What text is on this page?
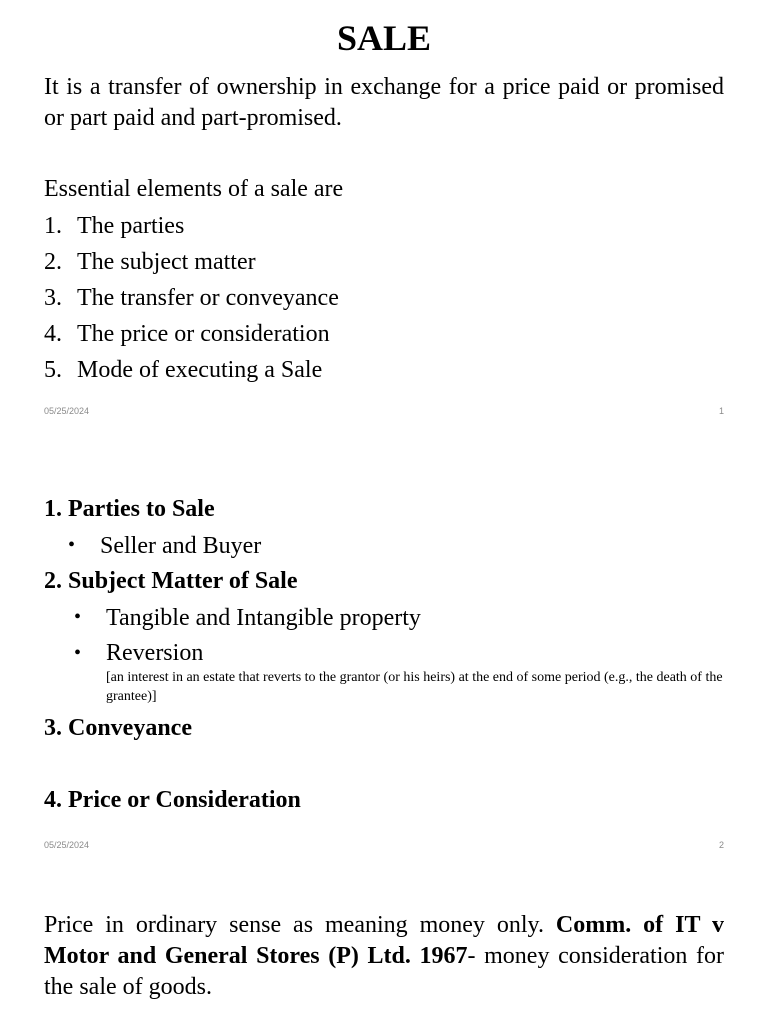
SALE
It is a transfer of ownership in exchange for a price paid or promised or part paid and part-promised.
Essential elements of a sale are
1. The parties
2. The subject matter
3. The transfer or conveyance
4. The price or consideration
5. Mode of executing a Sale
05/25/2024	1
1. Parties to Sale
• Seller and Buyer
2. Subject Matter of Sale
• Tangible and Intangible property
• Reversion
[an interest in an estate that reverts to the grantor (or his heirs) at the end of some period (e.g., the death of the grantee)]
3. Conveyance
4. Price or Consideration
05/25/2024	2
Price in ordinary sense as meaning money only. Comm. of IT v Motor and General Stores (P) Ltd. 1967- money consideration for the sale of goods.
